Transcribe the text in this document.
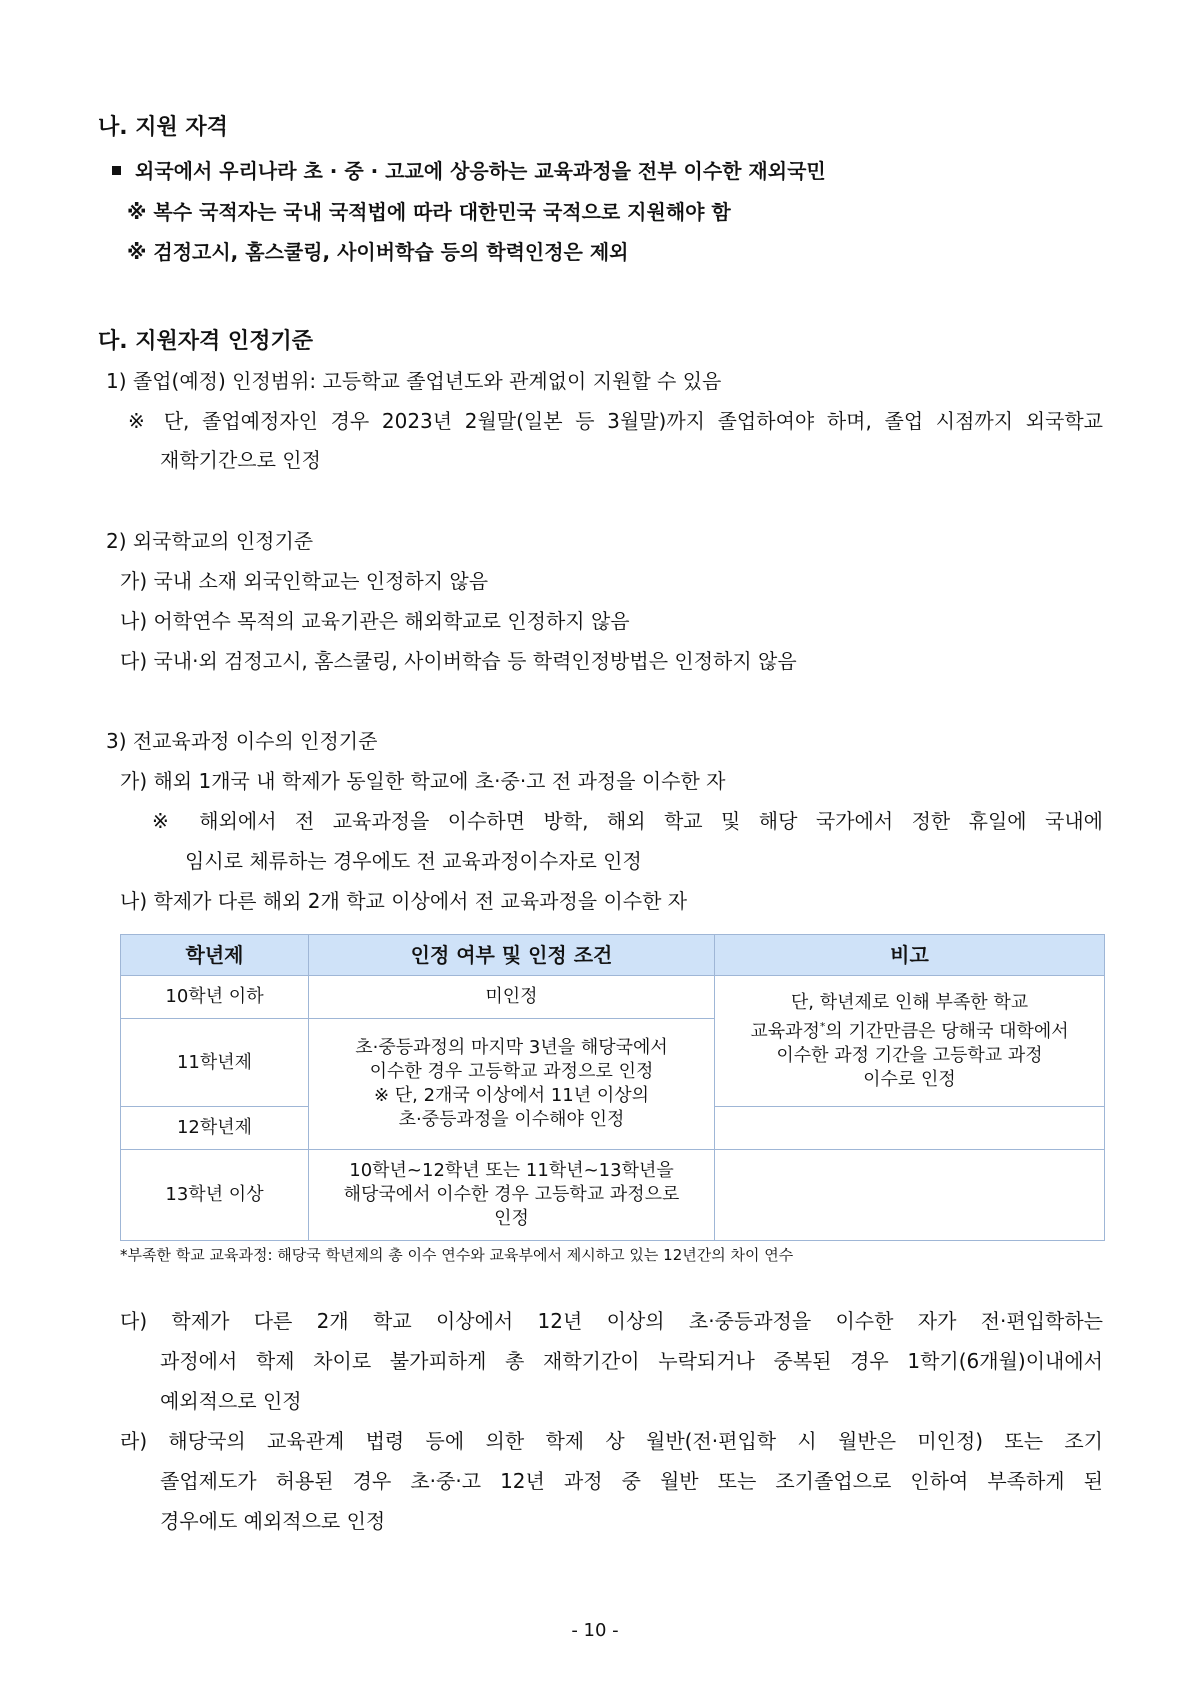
나. 지원 자격
외국에서 우리나라 초 · 중 · 고교에 상응하는 교육과정을 전부 이수한 재외국민
※ 복수 국적자는 국내 국적법에 따라 대한민국 국적으로 지원해야 함
※ 검정고시, 홈스쿨링, 사이버학습 등의 학력인정은 제외
다. 지원자격 인정기준
1) 졸업(예정) 인정범위: 고등학교 졸업년도와 관계없이 지원할 수 있음
※ 단, 졸업예정자인 경우 2023년 2월말(일본 등 3월말)까지 졸업하여야 하며, 졸업 시점까지 외국학교
재학기간으로 인정
2) 외국학교의 인정기준
가) 국내 소재 외국인학교는 인정하지 않음
나) 어학연수 목적의 교육기관은 해외학교로 인정하지 않음
다) 국내·외 검정고시, 홈스쿨링, 사이버학습 등 학력인정방법은 인정하지 않음
3) 전교육과정 이수의 인정기준
가) 해외 1개국 내 학제가 동일한 학교에 초·중·고 전 과정을 이수한 자
※ 해외에서 전 교육과정을 이수하면 방학, 해외 학교 및 해당 국가에서 정한 휴일에 국내에
임시로 체류하는 경우에도 전 교육과정이수자로 인정
나) 학제가 다른 해외 2개 학교 이상에서 전 교육과정을 이수한 자
학년제	인정 여부 및 인정 조건	비고
10학년 이하	미인정	단, 학년제로 인해 부족한 학교
교육과정*의 기간만큼은 당해국 대학에서
이수한 과정 기간을 고등학교 과정
이수로 인정

11학년제	초·중등과정의 마지막 3년을 해당국에서
이수한 경우 고등학교 과정으로 인정
※ 단, 2개국 이상에서 11년 이상의
초·중등과정을 이수해야 인정	

12학년제		
13학년 이상	10학년~12학년 또는 11학년~13학년을
해당국에서 이수한 경우 고등학교 과정으로
인정	

*부족한 학교 교육과정: 해당국 학년제의 총 이수 연수와 교육부에서 제시하고 있는 12년간의 차이 연수
다) 학제가 다른 2개 학교 이상에서 12년 이상의 초·중등과정을 이수한 자가 전·편입학하는
과정에서 학제 차이로 불가피하게 총 재학기간이 누락되거나 중복된 경우 1학기(6개월)이내에서
예외적으로 인정
라) 해당국의 교육관계 법령 등에 의한 학제 상 월반(전·편입학 시 월반은 미인정) 또는 조기
졸업제도가 허용된 경우 초·중·고 12년 과정 중 월반 또는 조기졸업으로 인하여 부족하게 된
경우에도 예외적으로 인정
- 10 -
